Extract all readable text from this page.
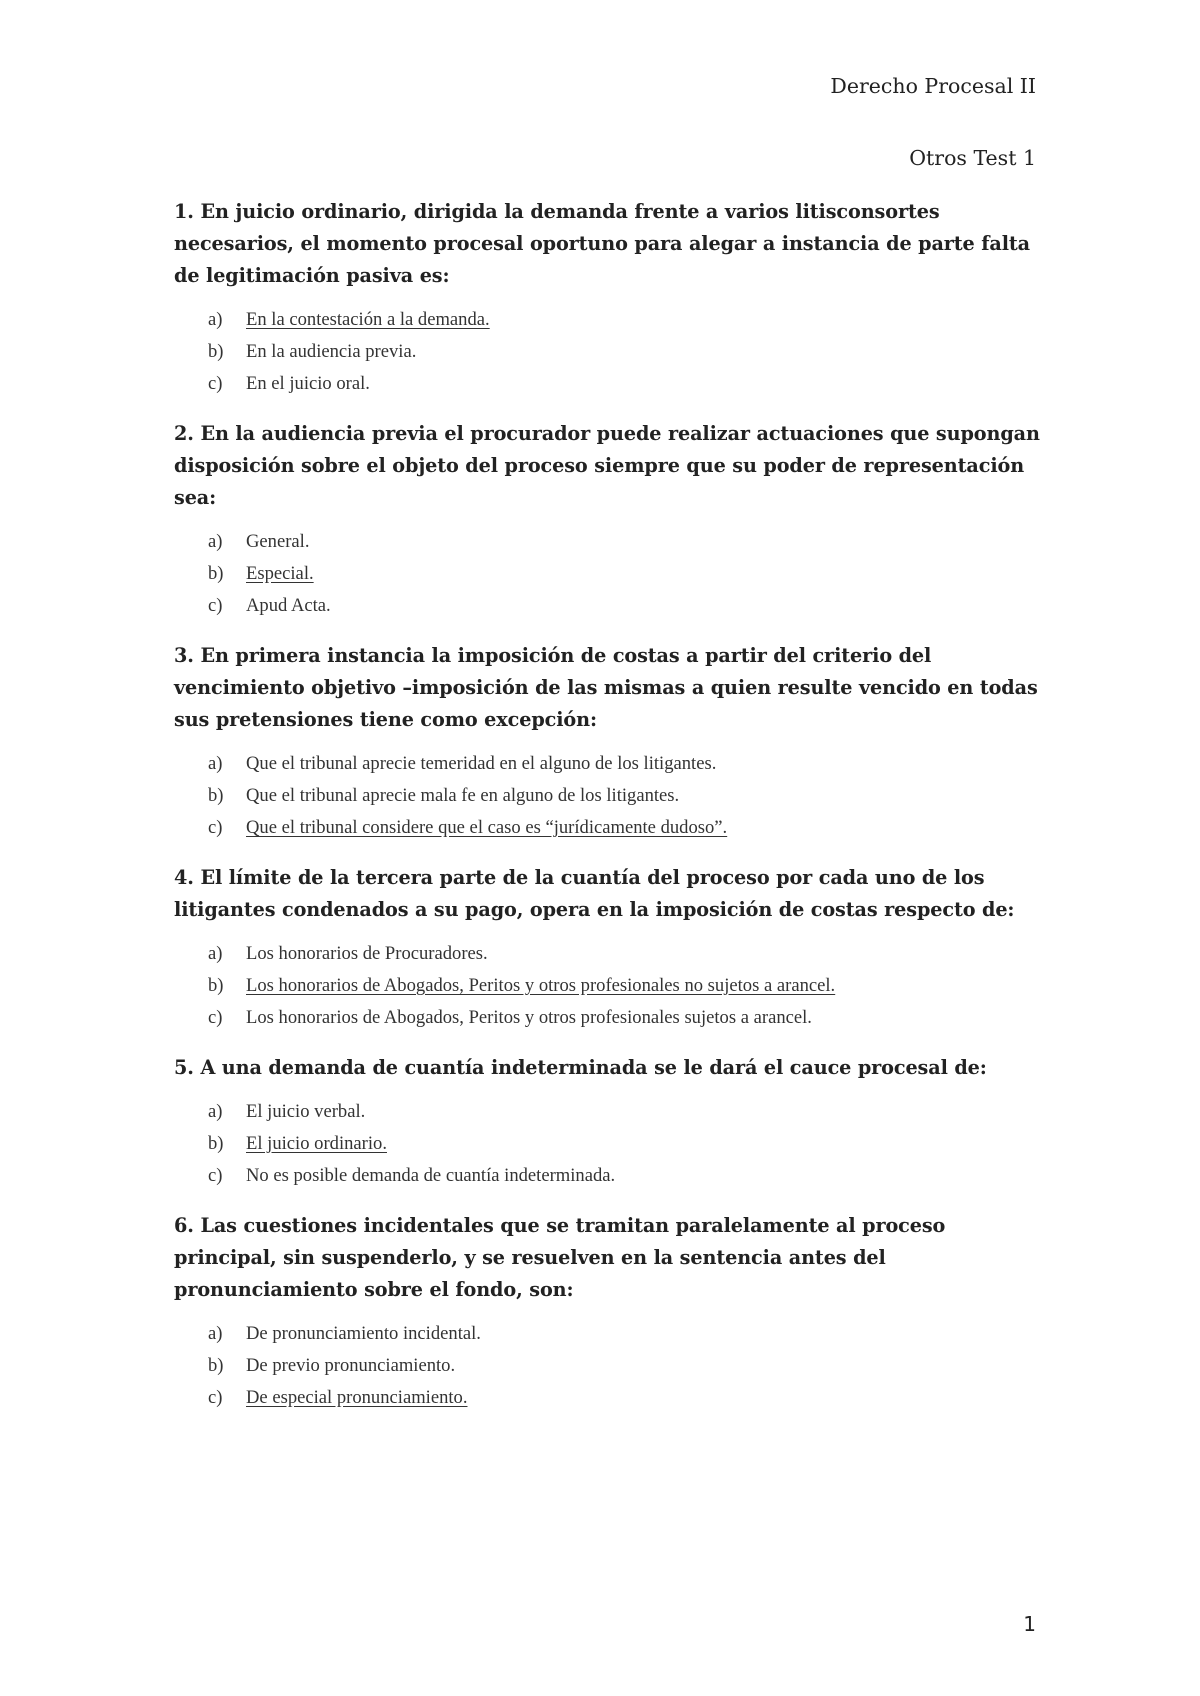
Derecho Procesal II
Otros Test 1

1. En juicio ordinario, dirigida la demanda frente a varios litisconsortes necesarios, el momento procesal oportuno para alegar a instancia de parte falta de legitimación pasiva es:

a) En la contestación a la demanda.
b) En la audiencia previa.
c) En el juicio oral.

2. En la audiencia previa el procurador puede realizar actuaciones que supongan disposición sobre el objeto del proceso siempre que su poder de representación sea:

a) General.
b) Especial.
c) Apud Acta.

3. En primera instancia la imposición de costas a partir del criterio del vencimiento objetivo –imposición de las mismas a quien resulte vencido en todas sus pretensiones tiene como excepción:

a) Que el tribunal aprecie temeridad en el alguno de los litigantes.
b) Que el tribunal aprecie mala fe en alguno de los litigantes.
c) Que el tribunal considere que el caso es “jurídicamente dudoso”.

4. El límite de la tercera parte de la cuantía del proceso por cada uno de los litigantes condenados a su pago, opera en la imposición de costas respecto de:

a) Los honorarios de Procuradores.
b) Los honorarios de Abogados, Peritos y otros profesionales no sujetos a arancel.
c) Los honorarios de Abogados, Peritos y otros profesionales sujetos a arancel.

5. A una demanda de cuantía indeterminada se le dará el cauce procesal de:

a) El juicio verbal.
b) El juicio ordinario.
c) No es posible demanda de cuantía indeterminada.

6. Las cuestiones incidentales que se tramitan paralelamente al proceso principal, sin suspenderlo, y se resuelven en la sentencia antes del pronunciamiento sobre el fondo, son:

a) De pronunciamiento incidental.
b) De previo pronunciamiento.
c) De especial pronunciamiento.
1
